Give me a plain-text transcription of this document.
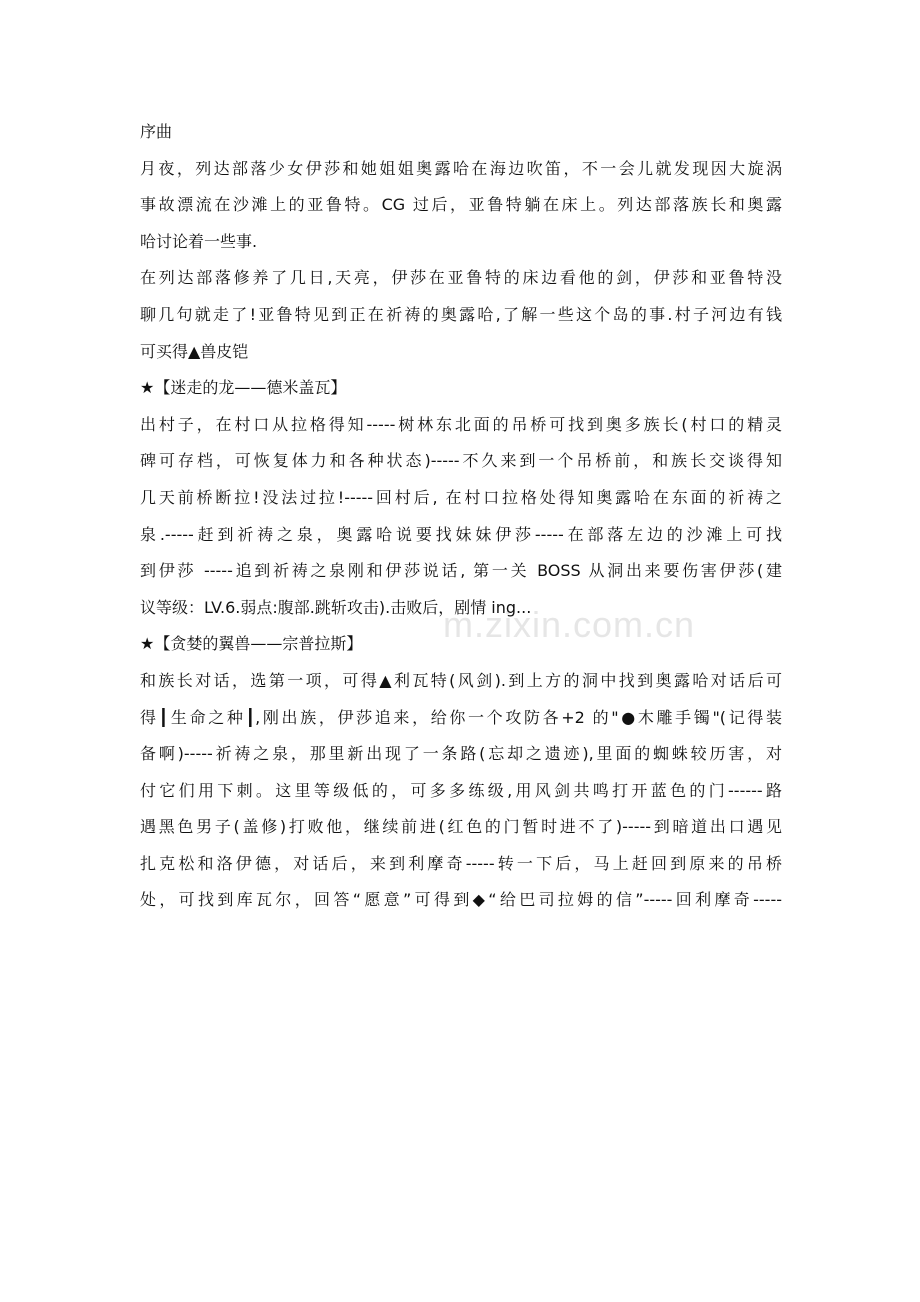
m.zixin.com.cn
序曲
月夜，列达部落少女伊莎和她姐姐奥露哈在海边吹笛，不一会儿就发现因大旋涡
事故漂流在沙滩上的亚鲁特。CG 过后，亚鲁特躺在床上。列达部落族长和奥露
哈讨论着一些事.
在列达部落修养了几日,天亮，伊莎在亚鲁特的床边看他的剑，伊莎和亚鲁特没
聊几句就走了!亚鲁特见到正在祈祷的奥露哈,了解一些这个岛的事.村子河边有钱
可买得▲兽皮铠
★【迷走的龙——德米盖瓦】
出村子，在村口从拉格得知-----树林东北面的吊桥可找到奥多族长(村口的精灵
碑可存档，可恢复体力和各种状态)-----不久来到一个吊桥前，和族长交谈得知
几天前桥断拉!没法过拉!-----回村后, 在村口拉格处得知奥露哈在东面的祈祷之
泉.-----赶到祈祷之泉，奥露哈说要找妹妹伊莎-----在部落左边的沙滩上可找
到伊莎 -----追到祈祷之泉刚和伊莎说话, 第一关 BOSS 从洞出来要伤害伊莎(建
议等级：LV.6.弱点:腹部.跳斩攻击).击败后，剧情 ing...
★【贪婪的翼兽——宗普拉斯】
和族长对话，选第一项，可得▲利瓦特(风剑).到上方的洞中找到奥露哈对话后可
得┃生命之种┃,刚出族，伊莎追来，给你一个攻防各+2 的"●木雕手镯"(记得装
备啊)-----祈祷之泉，那里新出现了一条路(忘却之遗迹),里面的蜘蛛较历害，对
付它们用下刺。这里等级低的，可多多练级,用风剑共鸣打开蓝色的门------路
遇黑色男子(盖修)打败他，继续前进(红色的门暂时进不了)-----到暗道出口遇见
扎克松和洛伊德，对话后，来到利摩奇-----转一下后，马上赶回到原来的吊桥
处，可找到库瓦尔，回答“愿意”可得到◆“给巴司拉姆的信”-----回利摩奇-----
